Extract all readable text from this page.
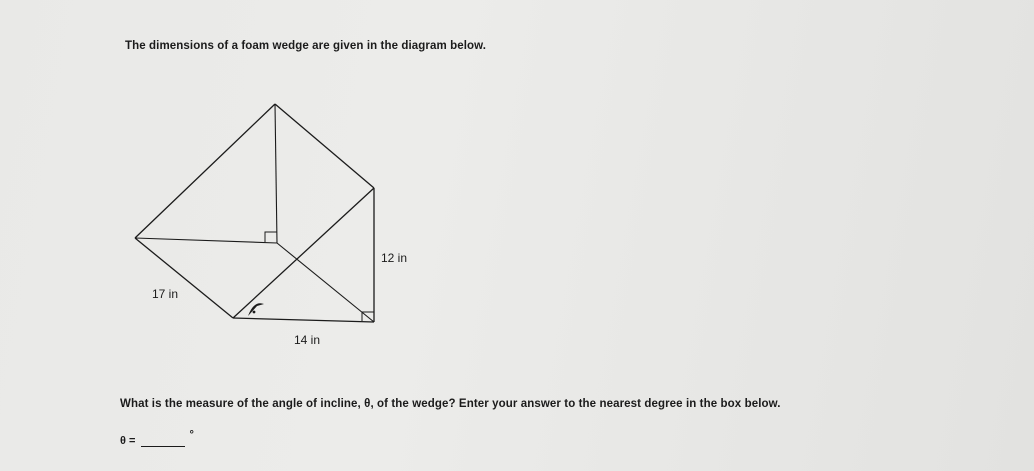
The dimensions of a foam wedge are given in the diagram below.
12 in
17 in
14 in
What is the measure of the angle of incline, θ, of the wedge? Enter your answer to the nearest degree in the box below.
θ =	°
